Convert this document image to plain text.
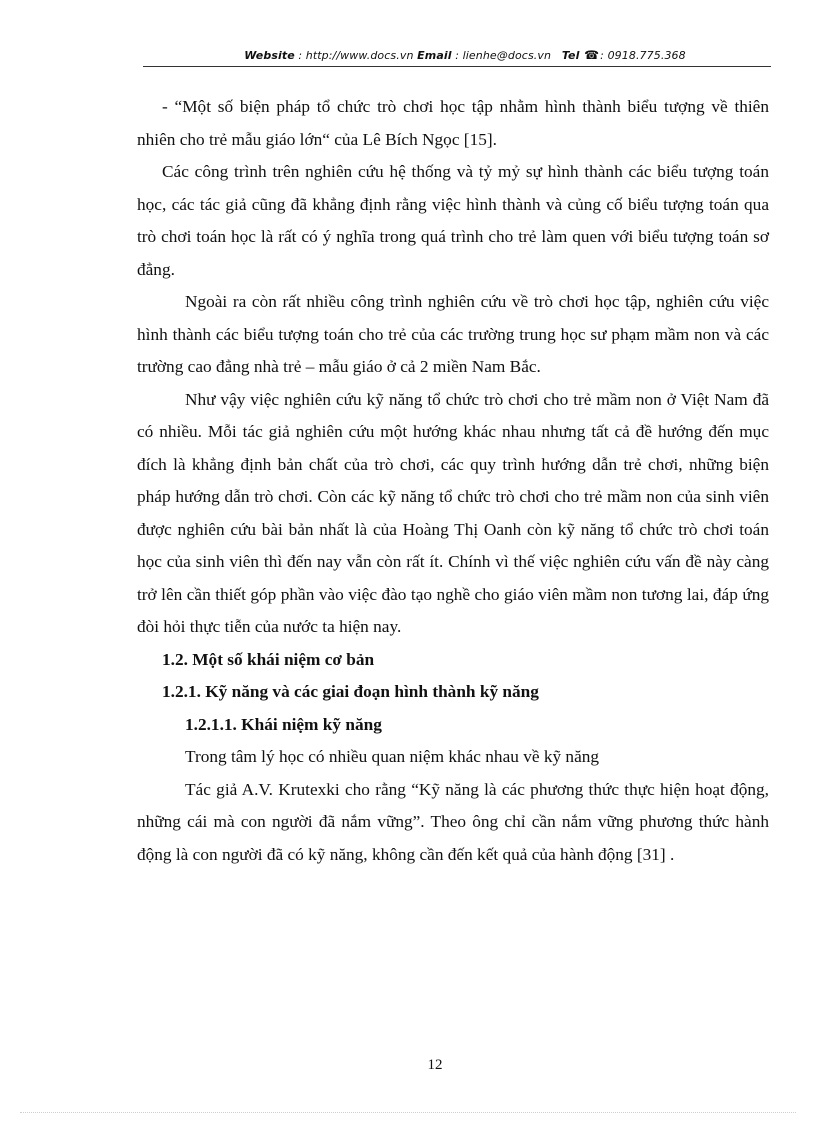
Website : http://www.docs.vn Email : lienhe@docs.vn Tel ☎: 0918.775.368

- “Một số biện pháp tổ chức trò chơi học tập nhằm hình thành biểu tượng về thiên nhiên cho trẻ mẫu giáo lớn“ của Lê Bích Ngọc [15].

Các công trình trên nghiên cứu hệ thống và tỷ mỷ sự hình thành các biểu tượng toán học, các tác giả cũng đã khẳng định rằng việc hình thành và củng cố biểu tượng toán qua trò chơi toán học là rất có ý nghĩa trong quá trình cho trẻ làm quen với biểu tượng toán sơ đẳng.

Ngoài ra còn rất nhiều công trình nghiên cứu về trò chơi học tập, nghiên cứu việc hình thành các biểu tượng toán cho trẻ của các trường trung học sư phạm mầm non và các trường cao đẳng nhà trẻ – mẫu giáo ở cả 2 miền Nam Bắc.

Như vậy việc nghiên cứu kỹ năng tổ chức trò chơi cho trẻ mầm non ở Việt Nam đã có nhiều. Mỗi tác giả nghiên cứu một hướng khác nhau nhưng tất cả đề hướng đến mục đích là khẳng định bản chất của trò chơi, các quy trình hướng dẫn trẻ chơi, những biện pháp hướng dẫn trò chơi. Còn các kỹ năng tổ chức trò chơi cho trẻ mầm non của sinh viên được nghiên cứu bài bản nhất là của Hoàng Thị Oanh còn kỹ năng tổ chức trò chơi toán học của sinh viên thì đến nay vẫn còn rất ít. Chính vì thế việc nghiên cứu vấn đề này càng trở lên cần thiết góp phần vào việc đào tạo nghề cho giáo viên mầm non tương lai, đáp ứng đòi hỏi thực tiễn của nước ta hiện nay.

1.2. Một số khái niệm cơ bản

1.2.1. Kỹ năng và các giai đoạn hình thành kỹ năng

1.2.1.1. Khái niệm kỹ năng

Trong tâm lý học có nhiều quan niệm khác nhau về kỹ năng

Tác giả A.V. Krutexki cho rằng “Kỹ năng là các phương thức thực hiện hoạt động, những cái mà con người đã nắm vững”. Theo ông chỉ cần nắm vững phương thức hành động là con người đã có kỹ năng, không cần đến kết quả của hành động [31] .

12
